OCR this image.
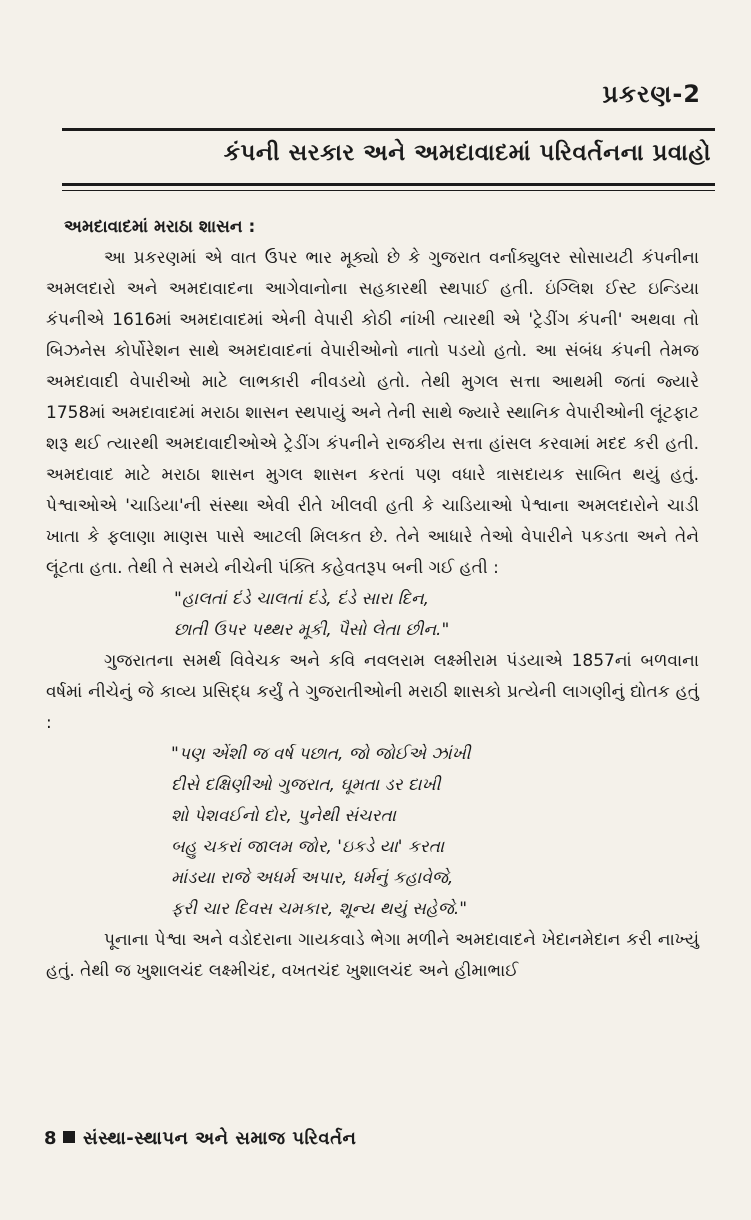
પ્રકરણ-2
કંપની સરકાર અને અમદાવાદમાં પરિવર્તનના પ્રવાહો

અમદાવાદમાં મરાઠા શાસન :

આ પ્રકરણમાં એ વાત ઉપર ભાર મૂક્યો છે કે ગુજરાત વર્નાક્યુલર સોસાયટી કંપનીના અમલદારો અને અમદાવાદના આગેવાનોના સહકારથી સ્થપાઈ હતી. ઇંગ્લિશ ઈસ્ટ ઇન્ડિયા કંપનીએ 1616માં અમદાવાદમાં એની વેપારી કોઠી નાંખી ત્યારથી એ 'ટ્રેડીંગ કંપની' અથવા તો બિઝનેસ કોર્પોરેશન સાથે અમદાવાદનાં વેપારીઓનો નાતો પડયો હતો. આ સંબંધ કંપની તેમજ અમદાવાદી વેપારીઓ માટે લાભકારી નીવડયો હતો. તેથી મુગલ સત્તા આથમી જતાં જ્યારે 1758માં અમદાવાદમાં મરાઠા શાસન સ્થપાયું અને તેની સાથે જ્યારે સ્થાનિક વેપારીઓની લૂંટફાટ શરૂ થઈ ત્યારથી અમદાવાદીઓએ ટ્રેડીંગ કંપનીને રાજકીય સત્તા હાંસલ કરવામાં મદદ કરી હતી. અમદાવાદ માટે મરાઠા શાસન મુગલ શાસન કરતાં પણ વધારે ત્રાસદાયક સાબિત થયું હતું. પેશ્વાઓએ 'ચાડિયા'ની સંસ્થા એવી રીતે ખીલવી હતી કે ચાડિયાઓ પેશ્વાના અમલદારોને ચાડી ખાતા કે ફલાણા માણસ પાસે આટલી મિલકત છે. તેને આધારે તેઓ વેપારીને પકડતા અને તેને લૂંટતા હતા. તેથી તે સમયે નીચેની પંક્તિ કહેવતરૂપ બની ગઈ હતી :

"હાલતાં દંડે ચાલતાં દંડે, દંડે સારા દિન,
છાતી ઉપર પથ્થર મૂકી, પૈસો લેતા છીન."

ગુજરાતના સમર્થ વિવેચક અને કવિ નવલરામ લક્ષ્મીરામ પંડયાએ 1857નાં બળવાના વર્ષમાં નીચેનું જે કાવ્ય પ્રસિદ્ધ કર્યું તે ગુજરાતીઓની મરાઠી શાસકો પ્રત્યેની લાગણીનું દ્યોતક હતું :

"પણ એંશી જ વર્ષ પછાત, જો જોઈએ ઝાંખી
દીસે દક્ષિણીઓ ગુજરાત, ઘૂમતા ડર દાખી
શો પેશવઈનો દોર, પુનેથી સંચરતા
બહુ ચકરાં જાલમ જોર, 'ઇકડે યા' કરતા
માંડયા રાજે અધર્મ અપાર, ધર્મનું કહાવેજે,
ફરી ચાર દિવસ ચમકાર, શૂન્ય થયું સહેજે."

પૂનાના પેશ્વા અને વડોદરાના ગાયકવાડે ભેગા મળીને અમદાવાદને ખેદાનમેદાન કરી નાખ્યું હતું. તેથી જ ખુશાલચંદ લક્ષ્મીચંદ, વખતચંદ ખુશાલચંદ અને હીમાભાઈ

8 સંસ્થા-સ્થાપન અને સમાજ પરિવર્તન
